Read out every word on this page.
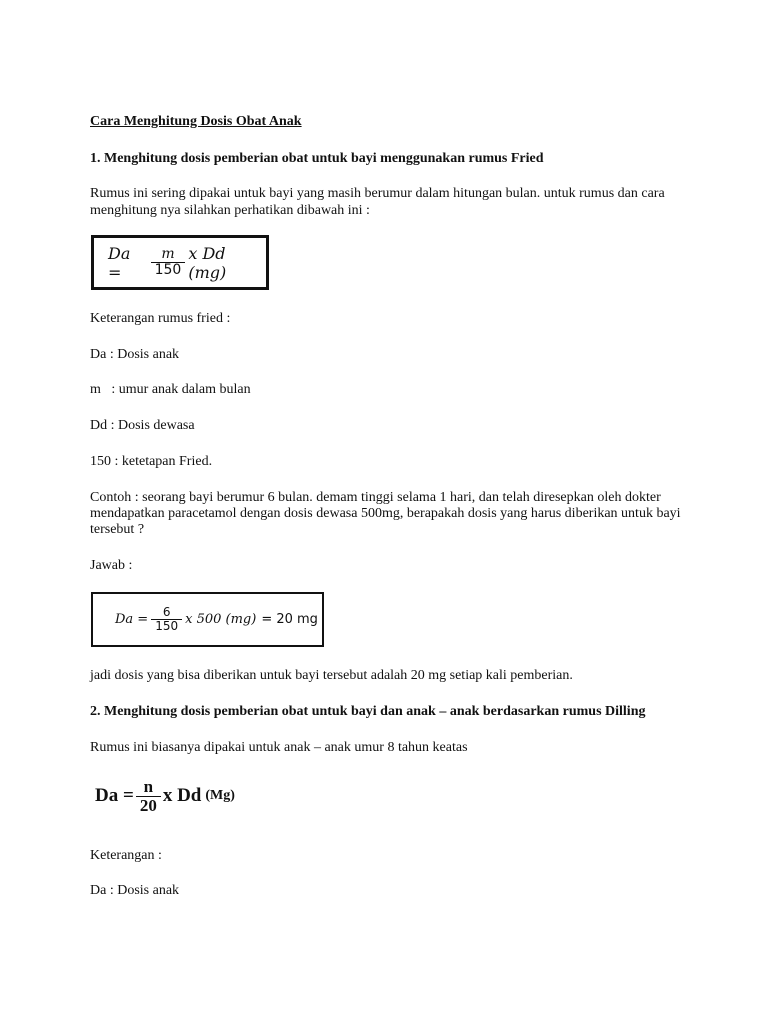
Cara Menghitung Dosis Obat Anak

1. Menghitung dosis pemberian obat untuk bayi menggunakan rumus Fried

Rumus ini sering dipakai untuk bayi yang masih berumur dalam hitungan bulan. untuk rumus dan cara

menghitung nya silahkan perhatikan dibawah ini :

Da =	$\frac{m}{150}$ x Dd (mg)

Keterangan rumus fried :

Da : Dosis anak

m   : umur anak dalam bulan

Dd : Dosis dewasa

150 : ketetapan Fried.

Contoh : seorang bayi berumur 6 bulan. demam tinggi selama 1 hari, dan telah diresepkan oleh dokter

mendapatkan paracetamol dengan dosis dewasa 500mg, berapakah dosis yang harus diberikan untuk bayi

tersebut ?

Jawab :

$Da = \frac{6}{150}$ x 500 (mg) = 20 mg

jadi dosis yang bisa diberikan untuk bayi tersebut adalah 20 mg setiap kali pemberian.

2. Menghitung dosis pemberian obat untuk bayi dan anak – anak berdasarkan rumus Dilling

Rumus ini biasanya dipakai untuk anak – anak umur 8 tahun keatas

$Da = \frac{n}{20}$ x Dd (Mg)

Keterangan :

Da : Dosis anak
